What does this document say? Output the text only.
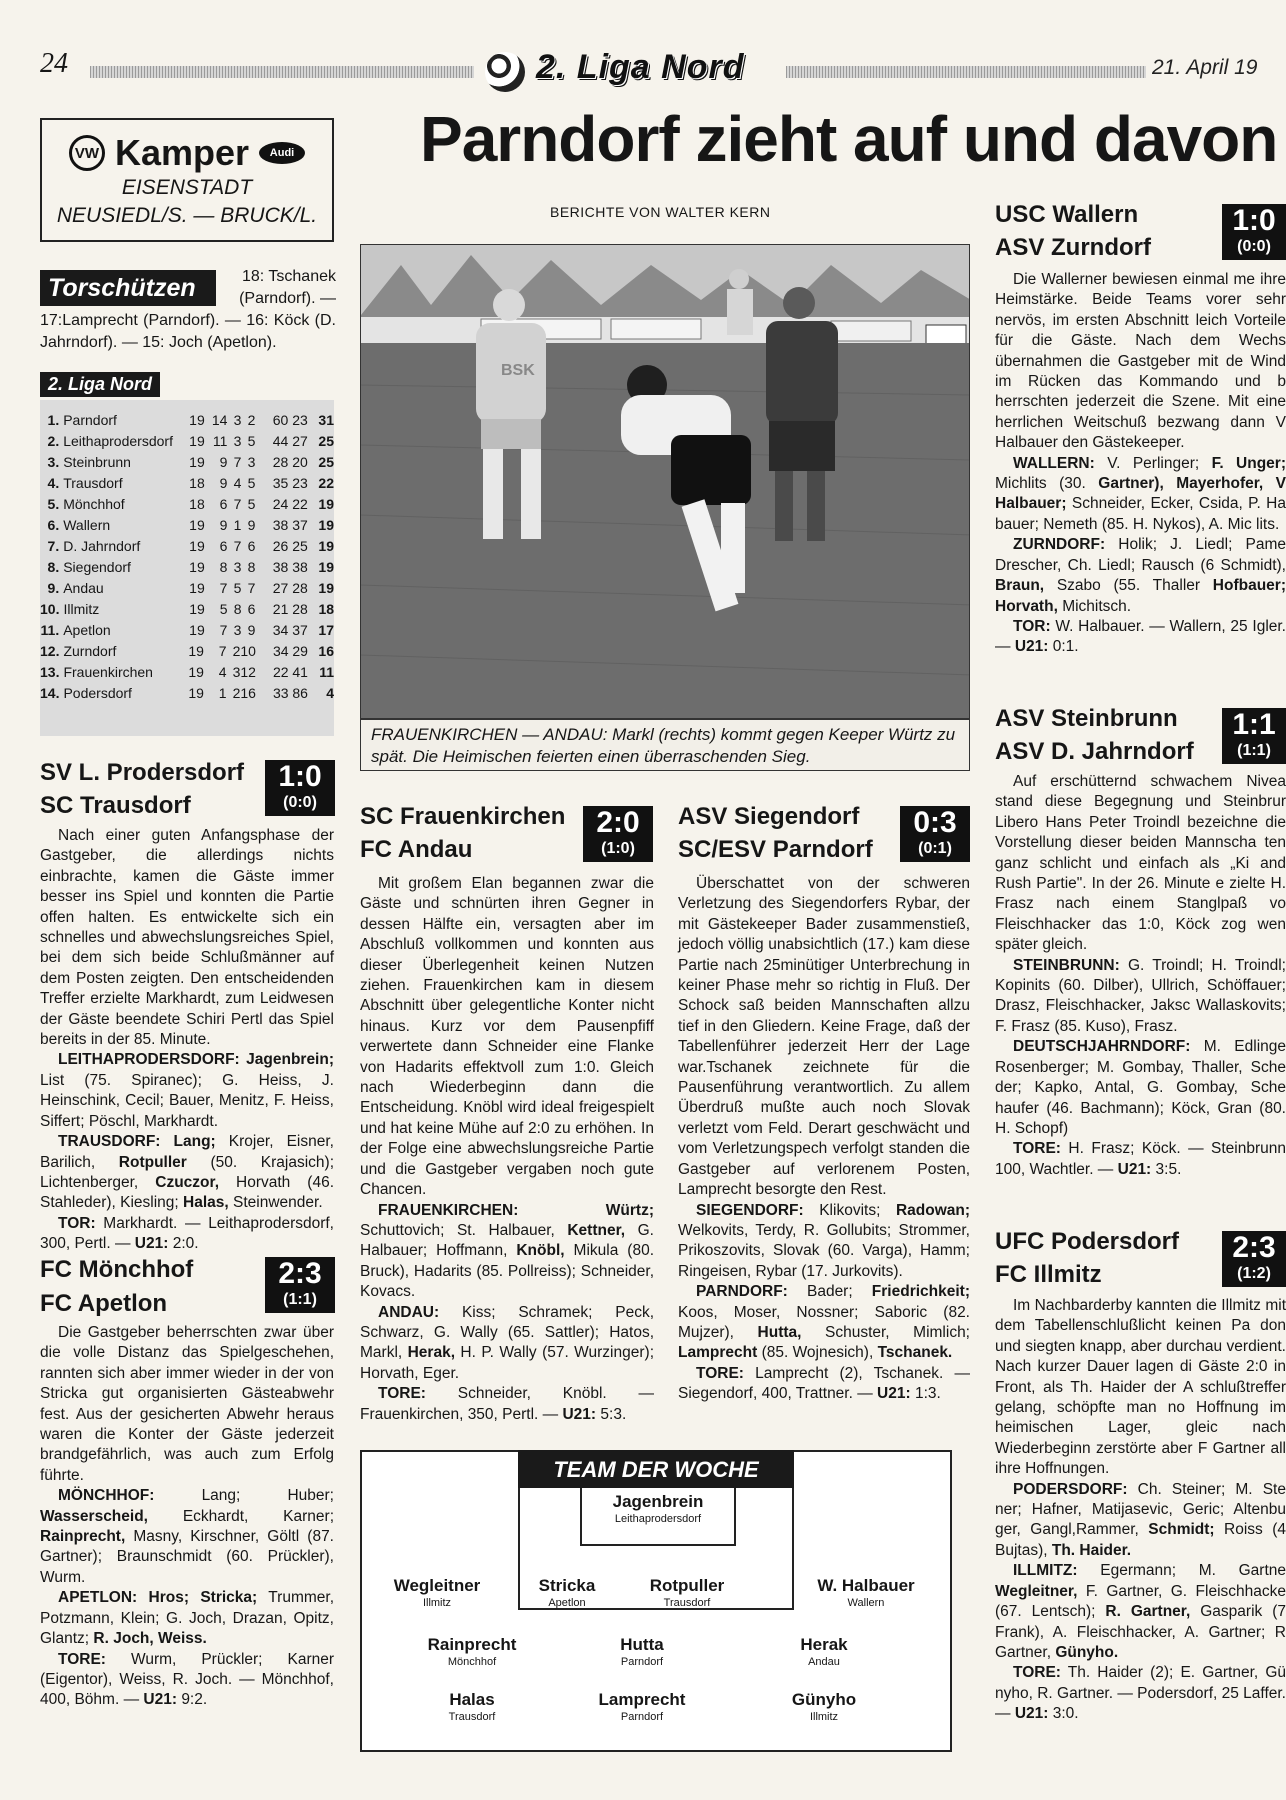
24	2. Liga Nord	21. April 19
VW Kamper	Audi
EISENSTADT
NEUSIEDL/S. — BRUCK/L.
Torschützen	18: Tschanek (Parndorf). —
17:Lamprecht (Parndorf). — 16: Köck (D. Jahrndorf). — 15: Joch (Apetlon).
2. Liga Nord
1. Parndorf	19 14 3 2	60 23 31
2. Leithaprodersdorf	19 11 3 5	44 27 25
3. Steinbrunn	19	9 7 3	28 20 25
4. Trausdorf	18	9 4 5	35 23 22
5. Mönchhof	18	6 7 5	24 22 19
6. Wallern	19	9 1 9	38 37 19
7. D. Jahrndorf	19	6 7 6	26 25 19
8. Siegendorf	19	8 3 8	38 38 19
9. Andau	19	7 5 7	27 28 19
10. Illmitz	19	5 8 6	21 28 18
11. Apetlon	19	7 3 9	34 37 17
12. Zurndorf	19	7 2 10	34 29 16
13. Frauenkirchen	19	4 3 12	22 41 11
14. Podersdorf	19	1 2 16	33 86	4
Parndorf zieht auf und davon
BERICHTE VON WALTER KERN
BSK
FRAUENKIRCHEN — ANDAU: Markl (rechts) kommt gegen Keeper Würtz zu spät. Die Heimischen feierten einen überraschenden Sieg.
SV L. Prodersdorf
SC Trausdorf
1:0
(0:0)

Nach einer guten Anfangsphase der Gastgeber, die allerdings nichts einbrachte, kamen die Gäste immer besser ins Spiel und konnten die Partie offen halten. Es entwickelte sich ein schnelles und abwechslungsreiches Spiel, bei dem sich beide Schlußmänner auf dem Posten zeigten. Den entscheidenden Treffer erzielte Markhardt, zum Leidwesen der Gäste beendete Schiri Pertl das Spiel bereits in der 85. Minute.

LEITHAPRODERSDORF: Jagenbrein; List (75. Spiranec); G. Heiss, J. Heinschink, Cecil; Bauer, Menitz, F. Heiss, Siffert; Pöschl, Markhardt.

TRAUSDORF: Lang; Krojer, Eisner, Barilich, Rotpuller (50. Krajasich); Lichtenberger, Czuczor, Horvath (46. Stahleder), Kiesling; Halas, Steinwender.

TOR: Markhardt. — Leithaprodersdorf, 300, Pertl. — U21: 2:0.

FC Mönchhof
FC Apetlon
2:3
(1:1)

Die Gastgeber beherrschten zwar über die volle Distanz das Spielgeschehen, rannten sich aber immer wieder in der von Stricka gut organisierten Gästeabwehr fest. Aus der gesicherten Abwehr heraus waren die Konter der Gäste jederzeit brandgefährlich, was auch zum Erfolg führte.

MÖNCHHOF:	Lang; Huber; Wasserscheid, Eckhardt, Karner; Rainprecht, Masny, Kirschner, Göltl (87. Gartner); Braunschmidt (60. Prückler), Wurm.

APETLON: Hros; Stricka; Trummer, Potzmann, Klein; G. Joch, Drazan, Opitz, Glantz; R. Joch, Weiss.

TORE: Wurm, Prückler; Karner (Eigentor), Weiss, R. Joch. — Mönchhof, 400, Böhm. — U21: 9:2.

SC Frauenkirchen
FC Andau
2:0
(1:0)

Mit großem Elan begannen zwar die Gäste und schnürten ihren Gegner in dessen Hälfte ein, versagten aber im Abschluß vollkommen und konnten aus dieser Überlegenheit keinen Nutzen ziehen. Frauenkirchen kam in diesem Abschnitt über gelegentliche Konter nicht hinaus. Kurz vor dem Pausenpfiff verwertete dann Schneider eine Flanke von Hadarits effektvoll zum 1:0. Gleich nach Wiederbeginn dann die Entscheidung. Knöbl wird ideal freigespielt und hat keine Mühe auf 2:0 zu erhöhen. In der Folge eine abwechslungsreiche Partie und die Gastgeber vergaben noch gute Chancen.

FRAUENKIRCHEN:	Würtz; Schuttovich; St. Halbauer, Kettner, G. Halbauer; Hoffmann, Knöbl, Mikula (80. Bruck), Hadarits (85. Pollreiss); Schneider, Kovacs.

ANDAU: Kiss; Schramek; Peck, Schwarz, G. Wally (65. Sattler); Hatos, Markl, Herak, H. P. Wally (57. Wurzinger); Horvath, Eger.

TORE: Schneider, Knöbl. — Frauenkirchen, 350, Pertl. — U21: 5:3.

ASV Siegendorf
SC/ESV Parndorf
0:3
(0:1)

Überschattet von der schweren Verletzung des Siegendorfers Rybar, der mit Gästekeeper Bader zusammenstieß, jedoch völlig unabsichtlich (17.) kam diese Partie nach 25minütiger Unterbrechung in keiner Phase mehr so richtig in Fluß. Der Schock saß beiden Mannschaften allzu tief in den Gliedern. Keine Frage, daß der Tabellenführer jederzeit Herr der Lage war.Tschanek zeichnete für die Pausenführung verantwortlich. Zu allem Überdruß mußte auch noch Slovak verletzt vom Feld. Derart geschwächt und vom Verletzungspech verfolgt standen die Gastgeber auf verlorenem Posten, Lamprecht besorgte den Rest.

SIEGENDORF: Klikovits; Radowan; Welkovits, Terdy, R. Gollubits; Strommer, Prikoszovits, Slovak (60. Varga), Hamm; Ringeisen, Rybar (17. Jurkovits).

PARNDORF: Bader; Friedrichkeit; Koos, Moser, Nossner; Saboric (82. Mujzer), Hutta, Schuster, Mimlich; Lamprecht (85. Wojnesich), Tschanek.

TORE: Lamprecht (2), Tschanek. — Siegendorf, 400, Trattner. — U21: 1:3.

TEAM DER WOCHE
Jagenbrein
Leithaprodersdorf
Wegleitner
Illmitz
Stricka
Apetlon
Rotpuller
Trausdorf
W. Halbauer
Wallern
Rainprecht
Mönchhof
Hutta
Parndorf
Herak
Andau
Halas
Trausdorf
Lamprecht
Parndorf
Günyho
Illmitz
USC Wallern
ASV Zurndorf
1:0
(0:0)

Die Wallerner bewiesen einmal me ihre Heimstärke. Beide Teams vorer sehr nervös, im ersten Abschnitt leich Vorteile für die Gäste. Nach dem Wechs übernahmen die Gastgeber mit de Wind im Rücken das Kommando und b herrschten jederzeit die Szene. Mit eine herrlichen Weitschuß bezwang dann V Halbauer den Gästekeeper.

WALLERN: V. Perlinger; F. Unger; Michlits (30. Gartner), Mayerhofer, V Halbauer; Schneider, Ecker, Csida, P. Ha bauer; Nemeth (85. H. Nykos), A. Mic lits.

ZURNDORF: Holik; J. Liedl; Pame Drescher, Ch. Liedl; Rausch (6 Schmidt), Braun, Szabo (55. Thaller Hofbauer; Horvath, Michitsch.

TOR: W. Halbauer. — Wallern, 25 Igler. — U21: 0:1.

ASV Steinbrunn
ASV D. Jahrndorf
1:1
(1:1)

Auf erschütternd schwachem Nivea stand diese Begegnung und Steinbrur Libero Hans Peter Troindl bezeichne die Vorstellung dieser beiden Mannscha ten ganz schlicht und einfach als „Ki and Rush Partie". In der 26. Minute e zielte H. Frasz nach einem Stanglpaß vo Fleischhacker das 1:0, Köck zog wen später gleich.

STEINBRUNN: G. Troindl; H. Troindl; Kopinits (60. Dilber), Ullrich, Schöffauer; Drasz, Fleischhacker, Jaksc Wallaskovits; F. Frasz (85. Kuso), Frasz.

DEUTSCHJAHRNDORF: M. Edlinge Rosenberger; M. Gombay, Thaller, Sche der; Kapko, Antal, G. Gombay, Sche haufer (46. Bachmann); Köck, Gran (80. H. Schopf)

TORE: H. Frasz; Köck. — Steinbrunn 100, Wachtler. — U21: 3:5.

UFC Podersdorf
FC Illmitz
2:3
(1:2)

Im Nachbarderby kannten die Illmitz mit dem Tabellenschlußlicht keinen Pa don und siegten knapp, aber durchau verdient. Nach kurzer Dauer lagen di Gäste 2:0 in Front, als Th. Haider der A schlußtreffer gelang, schöpfte man no Hoffnung im heimischen Lager, gleic nach Wiederbeginn zerstörte aber F Gartner all ihre Hoffnungen.

PODERSDORF: Ch. Steiner; M. Ste ner; Hafner, Matijasevic, Geric; Altenbu ger, Gangl,Rammer, Schmidt; Roiss (4 Bujtas), Th. Haider.

ILLMITZ: Egermann; M. Gartne Wegleitner, F. Gartner, G. Fleischhacke (67. Lentsch); R. Gartner, Gasparik (7 Frank), A. Fleischhacker, A. Gartner; R Gartner, Günyho.

TORE: Th. Haider (2); E. Gartner, Gü nyho, R. Gartner. — Podersdorf, 25 Laffer. — U21: 3:0.
